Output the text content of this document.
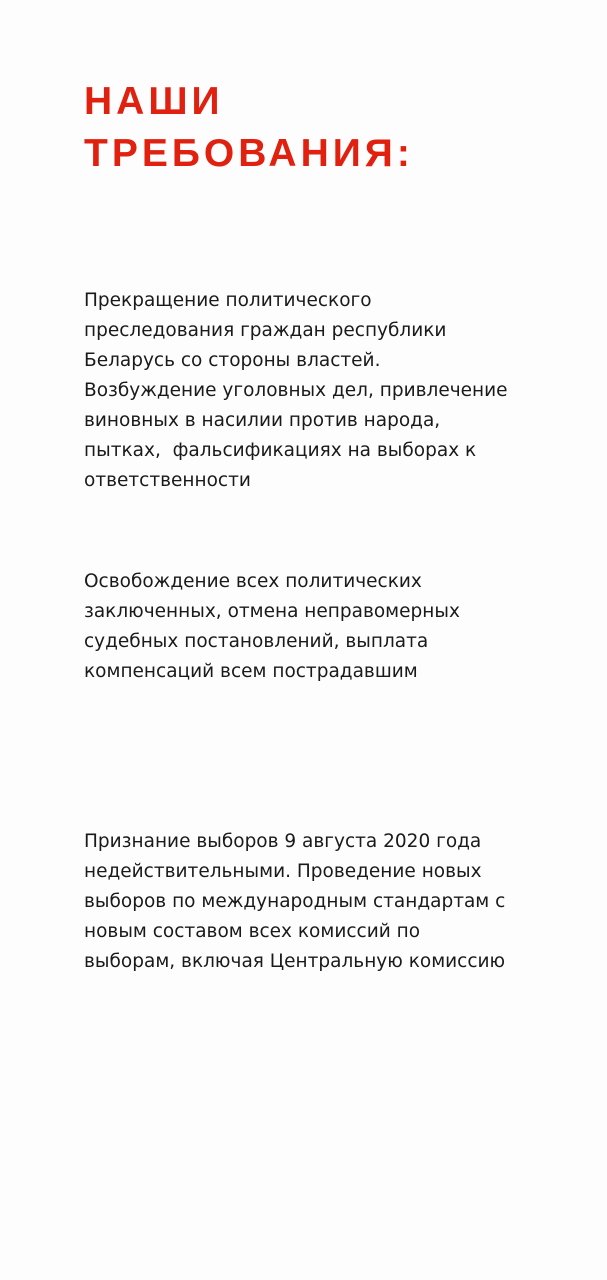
НАШИ
ТРЕБОВАНИЯ:

Прекращение политического
преследования граждан республики
Беларусь со стороны властей.
Возбуждение уголовных дел, привлечение
виновных в насилии против народа,
пытках,  фальсификациях на выборах к
ответственности

Освобождение всех политических
заключенных, отмена неправомерных
судебных постановлений, выплата
компенсаций всем пострадавшим

Признание выборов 9 августа 2020 года
недействительными. Проведение новых
выборов по международным стандартам с
новым составом всех комиссий по
выборам, включая Центральную комиссию
